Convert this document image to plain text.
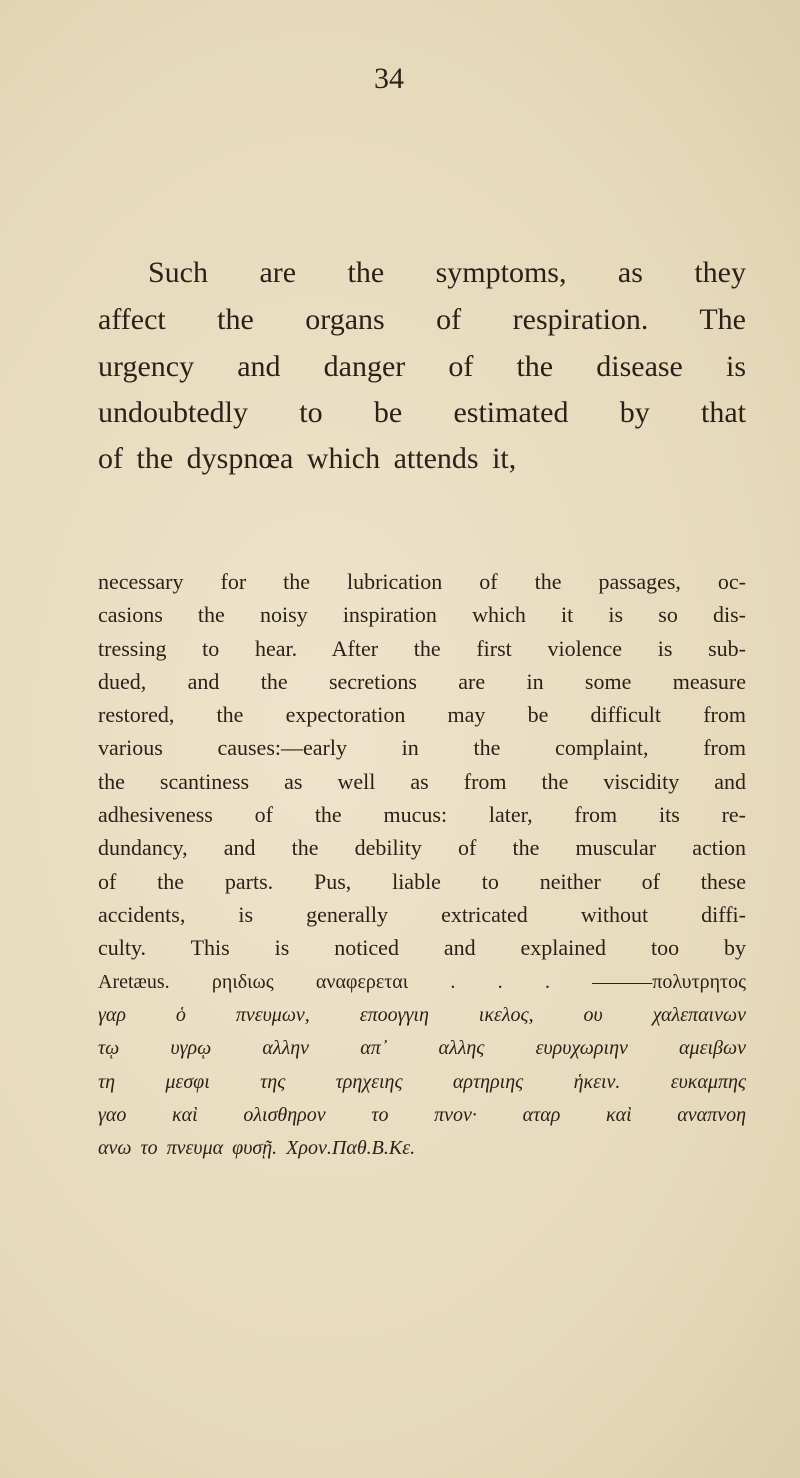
34
Such are the symptoms, as they
affect the organs of respiration. The
urgency and danger of the disease is
undoubtedly to be estimated by that
of the dyspnœa which attends it,
necessary for the lubrication of the passages, oc-
casions the noisy inspiration which it is so dis-
tressing to hear. After the first violence is sub-
dued, and the secretions are in some measure
restored, the expectoration may be difficult from
various causes:—early in the complaint, from
the scantiness as well as from the viscidity and
adhesiveness of the mucus: later, from its re-
dundancy, and the debility of the muscular action
of the parts. Pus, liable to neither of these
accidents, is generally extricated without diffi-
culty. This is noticed and explained too by
Aretæus. ρηιδιως αναφερεται . . . ———πολυτρητος
γαρ ὁ πνευμων, εποογγιη ικελος, ου χαλεπαινων
τῳ υγρῳ αλλην απ᾽ αλλης ευρυχωριην αμειβων
τη μεσφι της τρηχειης αρτηριης ἡκειν. ευκαμπης
γαο καὶ ολισθηρον το πνον· αταρ καὶ αναπνοη
ανω το πνευμα φυσῇ. Χρον.Παθ.Β.Κε.
